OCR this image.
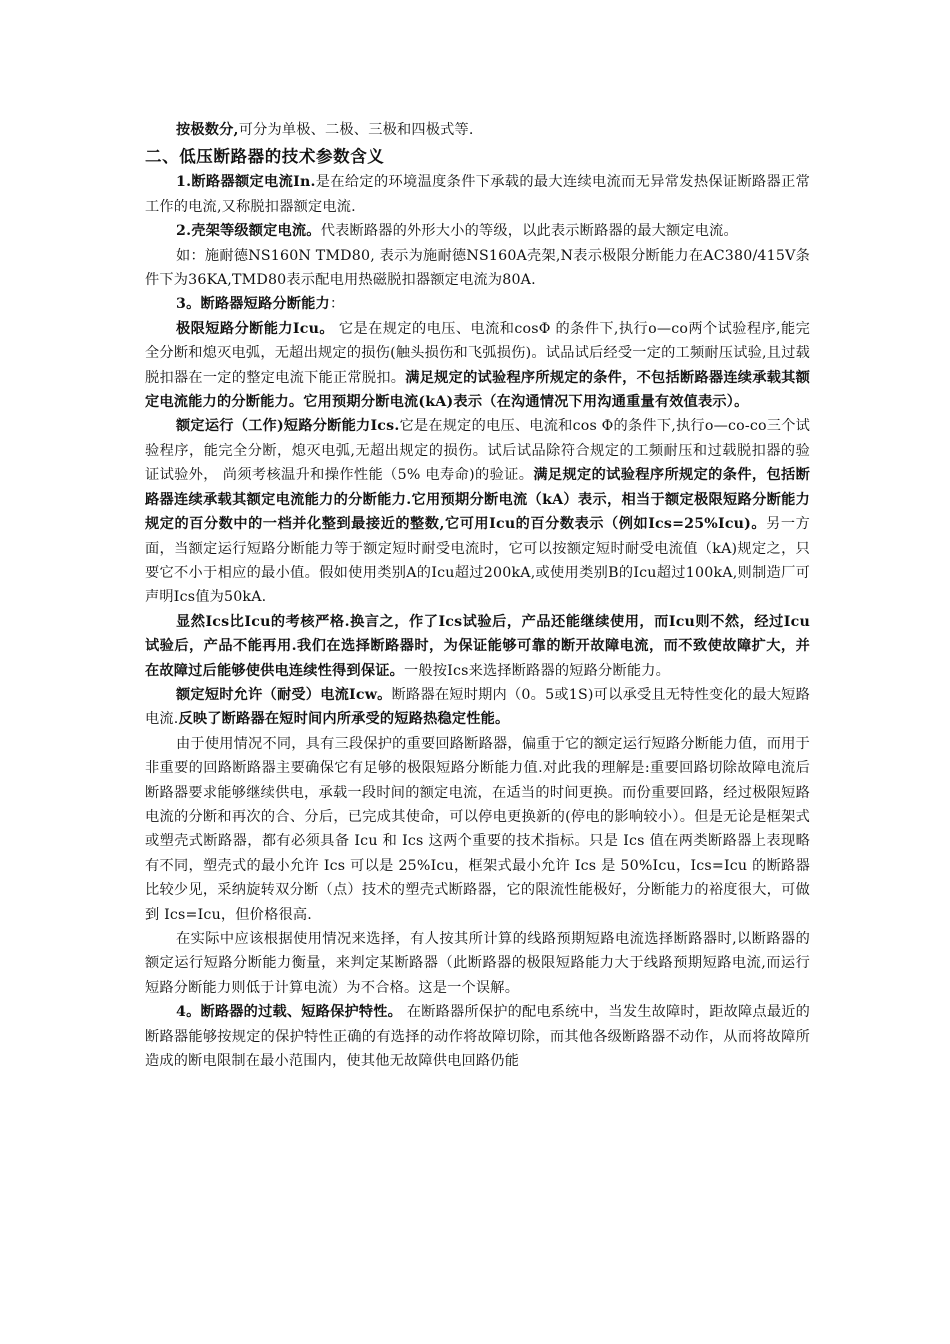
按极数分,可分为单极、二极、三极和四极式等.

二、低压断路器的技术参数含义

1.断路器额定电流In.是在给定的环境温度条件下承载的最大连续电流而无异常发热保证断路器正常工作的电流,又称脱扣器额定电流.

2.壳架等级额定电流。代表断路器的外形大小的等级，以此表示断路器的最大额定电流。

如：施耐德NS160N TMD80, 表示为施耐德NS160A壳架,N表示极限分断能力在AC380/415V条件下为36KA,TMD80表示配电用热磁脱扣器额定电流为80A.

3。断路器短路分断能力：

极限短路分断能力Icu。 它是在规定的电压、电流和cosΦ 的条件下,执行o—co两个试验程序,能完全分断和熄灭电弧，无超出规定的损伤(触头损伤和飞弧损伤)。试品试后经受一定的工频耐压试验,且过载脱扣器在一定的整定电流下能正常脱扣。满足规定的试验程序所规定的条件，不包括断路器连续承载其额定电流能力的分断能力。它用预期分断电流(kA)表示（在沟通情况下用沟通重量有效值表示）。

额定运行（工作)短路分断能力Ics.它是在规定的电压、电流和cos Φ的条件下,执行o—co-co三个试验程序，能完全分断，熄灭电弧,无超出规定的损伤。试后试品除符合规定的工频耐压和过载脱扣器的验证试验外， 尚须考核温升和操作性能（5% 电寿命)的验证。满足规定的试验程序所规定的条件，包括断路器连续承载其额定电流能力的分断能力.它用预期分断电流（kA）表示，相当于额定极限短路分断能力规定的百分数中的一档并化整到最接近的整数,它可用Icu的百分数表示（例如Ics=25%Icu)。另一方面，当额定运行短路分断能力等于额定短时耐受电流时，它可以按额定短时耐受电流值（kA)规定之，只要它不小于相应的最小值。假如使用类别A的Icu超过200kA,或使用类别B的Icu超过100kA,则制造厂可声明Ics值为50kA.

显然Ics比Icu的考核严格.换言之，作了Ics试验后，产品还能继续使用，而Icu则不然，经过Icu试验后，产品不能再用.我们在选择断路器时，为保证能够可靠的断开故障电流，而不致使故障扩大，并在故障过后能够使供电连续性得到保证。一般按Ics来选择断路器的短路分断能力。

额定短时允许（耐受）电流Icw。断路器在短时期内（0。5或1S)可以承受且无特性变化的最大短路电流.反映了断路器在短时间内所承受的短路热稳定性能。

由于使用情况不同，具有三段保护的重要回路断路器，偏重于它的额定运行短路分断能力值，而用于非重要的回路断路器主要确保它有足够的极限短路分断能力值.对此我的理解是:重要回路切除故障电流后断路器要求能够继续供电，承载一段时间的额定电流，在适当的时间更换。而份重要回路，经过极限短路电流的分断和再次的合、分后，已完成其使命，可以停电更换新的(停电的影响较小）。但是无论是框架式或塑壳式断路器，都有必须具备 Icu 和 Ics 这两个重要的技术指标。只是 Ics 值在两类断路器上表现略有不同，塑壳式的最小允许 Ics 可以是 25%Icu，框架式最小允许 Ics 是 50%Icu，Ics=Icu 的断路器比较少见，采纳旋转双分断（点）技术的塑壳式断路器，它的限流性能极好，分断能力的裕度很大，可做到 Ics=Icu，但价格很高.

在实际中应该根据使用情况来选择，有人按其所计算的线路预期短路电流选择断路器时,以断路器的额定运行短路分断能力衡量，来判定某断路器（此断路器的极限短路能力大于线路预期短路电流,而运行短路分断能力则低于计算电流）为不合格。这是一个误解。

4。断路器的过载、短路保护特性。 在断路器所保护的配电系统中，当发生故障时，距故障点最近的断路器能够按规定的保护特性正确的有选择的动作将故障切除，而其他各级断路器不动作，从而将故障所造成的断电限制在最小范围内，使其他无故障供电回路仍能
